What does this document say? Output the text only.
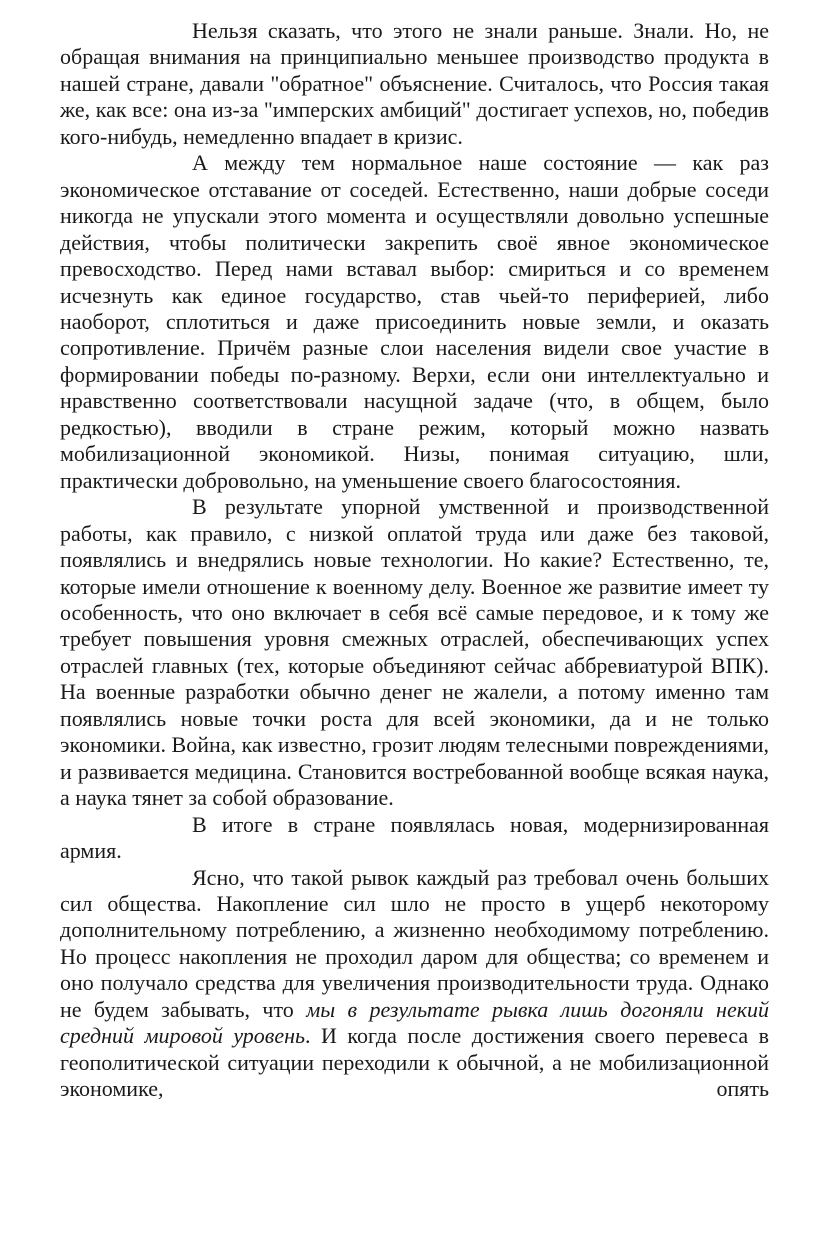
Нельзя сказать, что этого не знали раньше. Знали. Но, не обращая внимания на принципиально меньшее производство продукта в нашей стране, давали "обратное" объяснение. Считалось, что Россия такая же, как все: она из-за "имперских амбиций" достигает успехов, но, победив кого-нибудь, немедленно впадает в кризис.

А между тем нормальное наше состояние — как раз экономическое отставание от соседей. Естественно, наши добрые соседи никогда не упускали этого момента и осуществляли довольно успешные действия, чтобы политически закрепить своё явное экономическое превосходство. Перед нами вставал выбор: смириться и со временем исчезнуть как единое государство, став чьей-то периферией, либо наоборот, сплотиться и даже присоединить новые земли, и оказать сопротивление. Причём разные слои населения видели свое участие в формировании победы по-разному. Верхи, если они интеллектуально и нравственно соответствовали насущной задаче (что, в общем, было редкостью), вводили в стране режим, который можно назвать мобилизационной экономикой. Низы, понимая ситуацию, шли, практически добровольно, на уменьшение своего благосостояния.

В результате упорной умственной и производственной работы, как правило, с низкой оплатой труда или даже без таковой, появлялись и внедрялись новые технологии. Но какие? Естественно, те, которые имели отношение к военному делу. Военное же развитие имеет ту особенность, что оно включает в себя всё самые передовое, и к тому же требует повышения уровня смежных отраслей, обеспечивающих успех отраслей главных (тех, которые объединяют сейчас аббревиатурой ВПК). На военные разработки обычно денег не жалели, а потому именно там появлялись новые точки роста для всей экономики, да и не только экономики. Война, как известно, грозит людям телесными повреждениями, и развивается медицина. Становится востребованной вообще всякая наука, а наука тянет за собой образование.

В итоге в стране появлялась новая, модернизированная армия.

Ясно, что такой рывок каждый раз требовал очень больших сил общества. Накопление сил шло не просто в ущерб некоторому дополнительному потреблению, а жизненно необходимому потреблению. Но процесс накопления не проходил даром для общества; со временем и оно получало средства для увеличения производительности труда. Однако не будем забывать, что мы в результате рывка лишь догоняли некий средний мировой уровень. И когда после достижения своего перевеса в геополитической ситуации переходили к обычной, а не мобилизационной экономике, опять
